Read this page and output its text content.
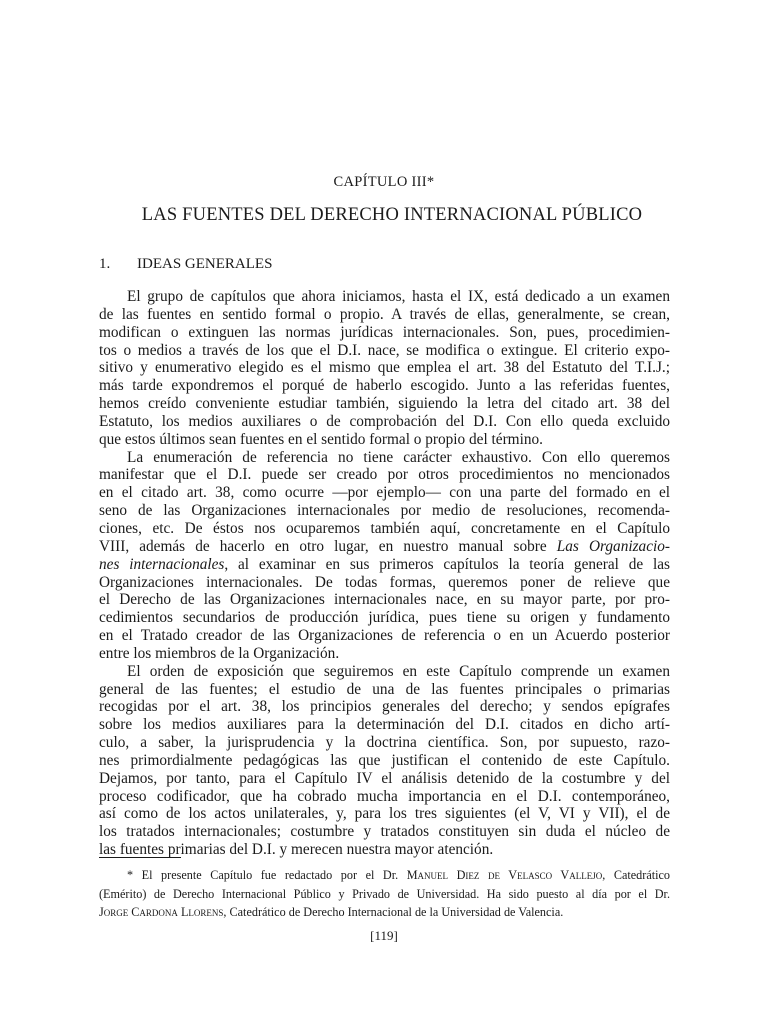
CAPÍTULO III*
LAS FUENTES DEL DERECHO INTERNACIONAL PÚBLICO
1. IDEAS GENERALES
El grupo de capítulos que ahora iniciamos, hasta el IX, está dedicado a un examen
de las fuentes en sentido formal o propio. A través de ellas, generalmente, se crean,
modifican o extinguen las normas jurídicas internacionales. Son, pues, procedimien-
tos o medios a través de los que el D.I. nace, se modifica o extingue. El criterio expo-
sitivo y enumerativo elegido es el mismo que emplea el art. 38 del Estatuto del T.I.J.;
más tarde expondremos el porqué de haberlo escogido. Junto a las referidas fuentes,
hemos creído conveniente estudiar también, siguiendo la letra del citado art. 38 del
Estatuto, los medios auxiliares o de comprobación del D.I. Con ello queda excluido
que estos últimos sean fuentes en el sentido formal o propio del término.
La enumeración de referencia no tiene carácter exhaustivo. Con ello queremos
manifestar que el D.I. puede ser creado por otros procedimientos no mencionados
en el citado art. 38, como ocurre —por ejemplo— con una parte del formado en el
seno de las Organizaciones internacionales por medio de resoluciones, recomenda-
ciones, etc. De éstos nos ocuparemos también aquí, concretamente en el Capítulo
VIII, además de hacerlo en otro lugar, en nuestro manual sobre Las Organizacio-
nes internacionales, al examinar en sus primeros capítulos la teoría general de las
Organizaciones internacionales. De todas formas, queremos poner de relieve que
el Derecho de las Organizaciones internacionales nace, en su mayor parte, por pro-
cedimientos secundarios de producción jurídica, pues tiene su origen y fundamento
en el Tratado creador de las Organizaciones de referencia o en un Acuerdo posterior
entre los miembros de la Organización.
El orden de exposición que seguiremos en este Capítulo comprende un examen
general de las fuentes; el estudio de una de las fuentes principales o primarias
recogidas por el art. 38, los principios generales del derecho; y sendos epígrafes
sobre los medios auxiliares para la determinación del D.I. citados en dicho artí-
culo, a saber, la jurisprudencia y la doctrina científica. Son, por supuesto, razo-
nes primordialmente pedagógicas las que justifican el contenido de este Capítulo.
Dejamos, por tanto, para el Capítulo IV el análisis detenido de la costumbre y del
proceso codificador, que ha cobrado mucha importancia en el D.I. contemporáneo,
así como de los actos unilaterales, y, para los tres siguientes (el V, VI y VII), el de
los tratados internacionales; costumbre y tratados constituyen sin duda el núcleo de
las fuentes primarias del D.I. y merecen nuestra mayor atención.
* El presente Capítulo fue redactado por el Dr. Manuel Diez de Velasco Vallejo, Catedrático
(Emérito) de Derecho Internacional Público y Privado de Universidad. Ha sido puesto al día por el Dr.
Jorge Cardona Llorens, Catedrático de Derecho Internacional de la Universidad de Valencia.
[119]
